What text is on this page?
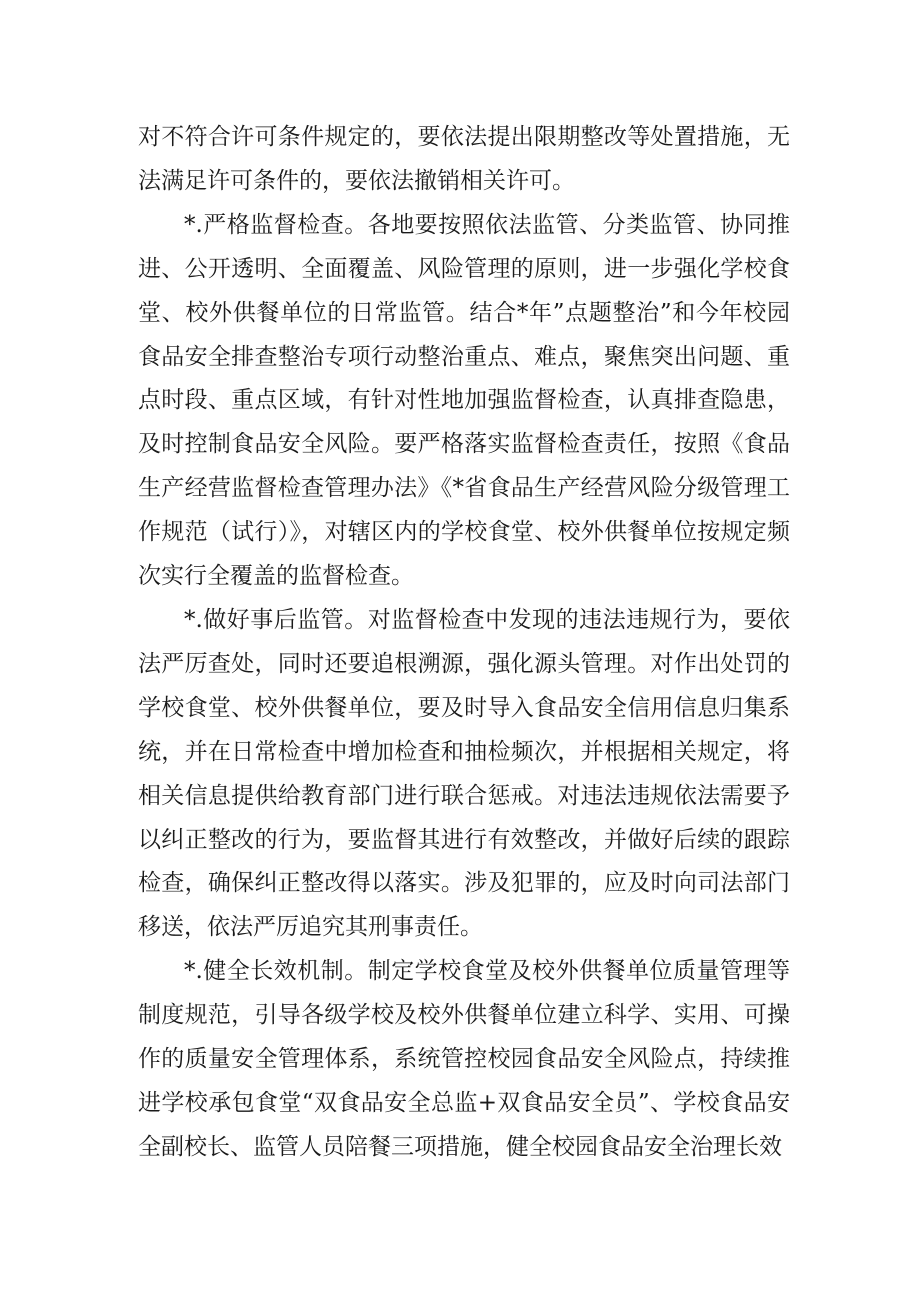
对不符合许可条件规定的，要依法提出限期整改等处置措施，无法满足许可条件的，要依法撤销相关许可。

*.严格监督检查。各地要按照依法监管、分类监管、协同推进、公开透明、全面覆盖、风险管理的原则，进一步强化学校食堂、校外供餐单位的日常监管。结合*年”点题整治”和今年校园食品安全排查整治专项行动整治重点、难点，聚焦突出问题、重点时段、重点区域，有针对性地加强监督检查，认真排查隐患，及时控制食品安全风险。要严格落实监督检查责任，按照《食品生产经营监督检查管理办法》《*省食品生产经营风险分级管理工作规范（试行）》，对辖区内的学校食堂、校外供餐单位按规定频次实行全覆盖的监督检查。

*.做好事后监管。对监督检查中发现的违法违规行为，要依法严厉查处，同时还要追根溯源，强化源头管理。对作出处罚的学校食堂、校外供餐单位，要及时导入食品安全信用信息归集系统，并在日常检查中增加检查和抽检频次，并根据相关规定，将相关信息提供给教育部门进行联合惩戒。对违法违规依法需要予以纠正整改的行为，要监督其进行有效整改，并做好后续的跟踪检查，确保纠正整改得以落实。涉及犯罪的，应及时向司法部门移送，依法严厉追究其刑事责任。

*.健全长效机制。制定学校食堂及校外供餐单位质量管理等制度规范，引导各级学校及校外供餐单位建立科学、实用、可操作的质量安全管理体系，系统管控校园食品安全风险点，持续推进学校承包食堂“双食品安全总监+双食品安全员”、学校食品安全副校长、监管人员陪餐三项措施，健全校园食品安全治理长效
